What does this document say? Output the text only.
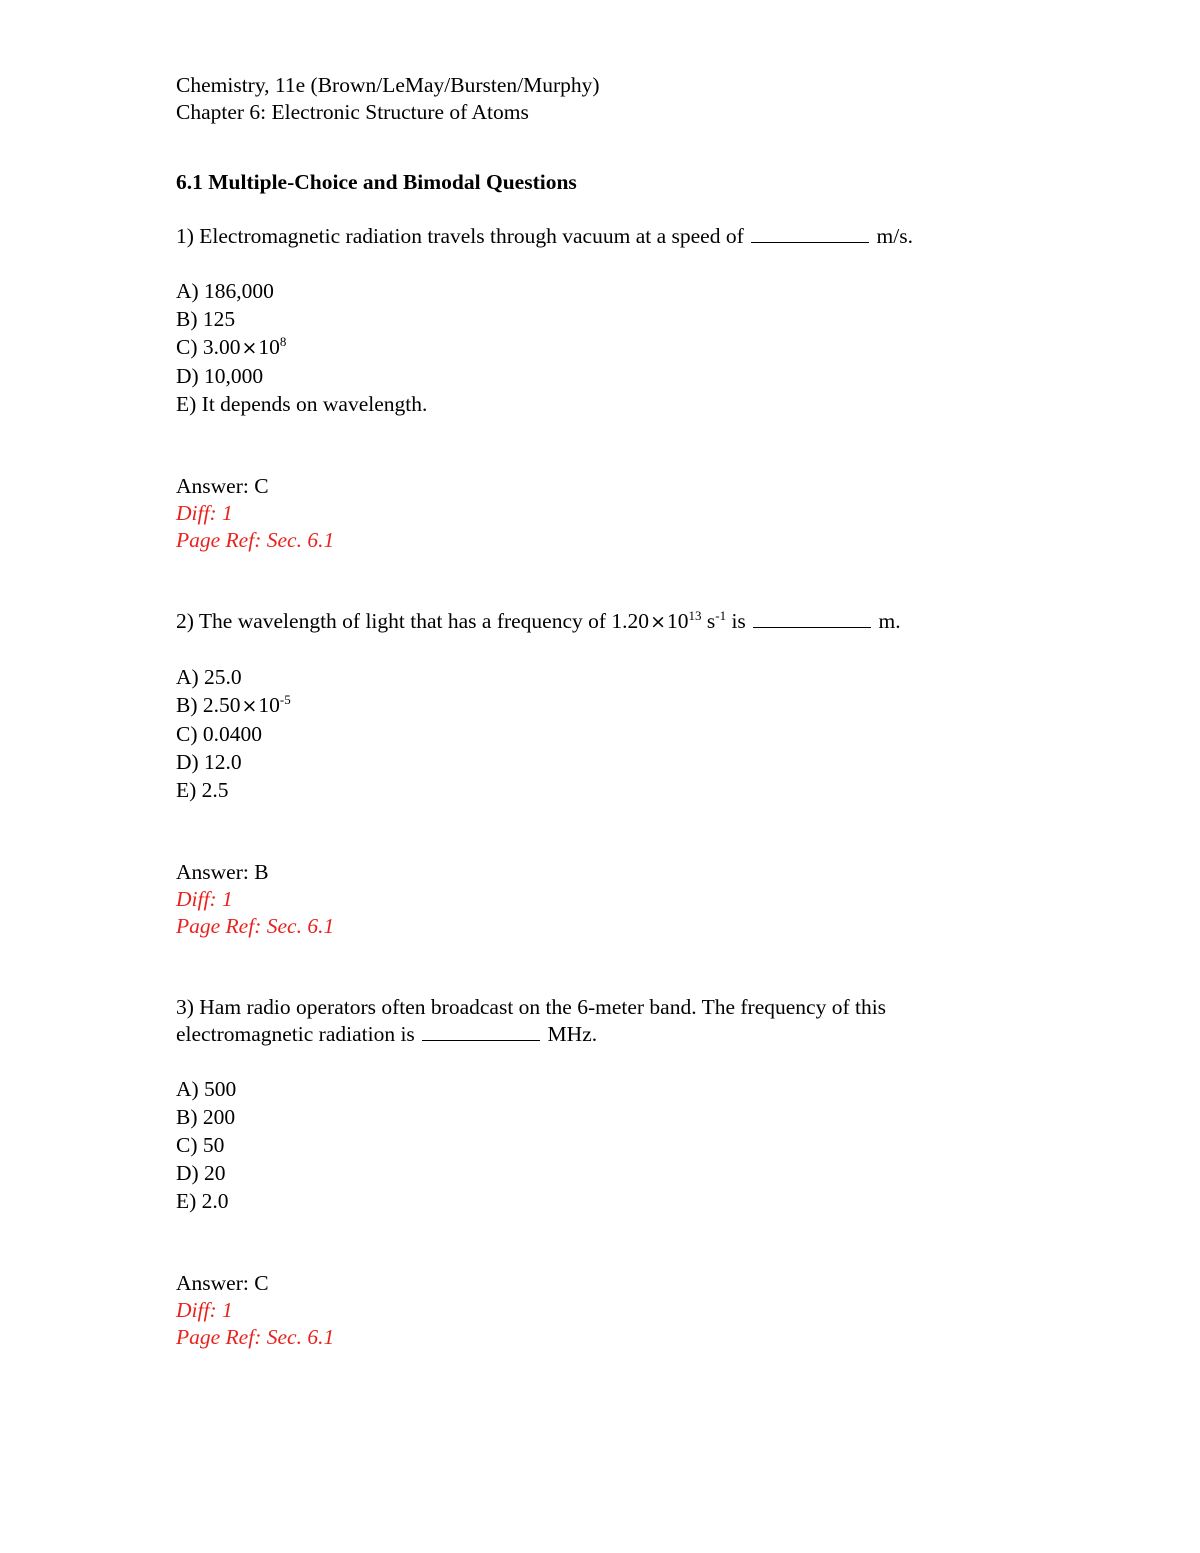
Chemistry, 11e (Brown/LeMay/Bursten/Murphy)

Chapter 6: Electronic Structure of Atoms

6.1 Multiple-Choice and Bimodal Questions

1) Electromagnetic radiation travels through vacuum at a speed of	m/s.

A) 186,000

B) 125

C) $3.00\times 10^8$

D) 10,000

E) It depends on wavelength.

Answer: C

Diff: 1

Page Ref: Sec. 6.1

2) The wavelength of light that has a frequency of $1.20\times 10^{13}$ $s^{-1}$ is	m.

A) 25.0

B) $2.50\times 10^{-5}$

C) 0.0400

D) 12.0

E) 2.5

Answer: B

Diff: 1

Page Ref: Sec. 6.1

3) Ham radio operators often broadcast on the 6-meter band. The frequency of this
electromagnetic radiation is	MHz.

A) 500

B) 200

C) 50

D) 20

E) 2.0

Answer: C

Diff: 1

Page Ref: Sec. 6.1
